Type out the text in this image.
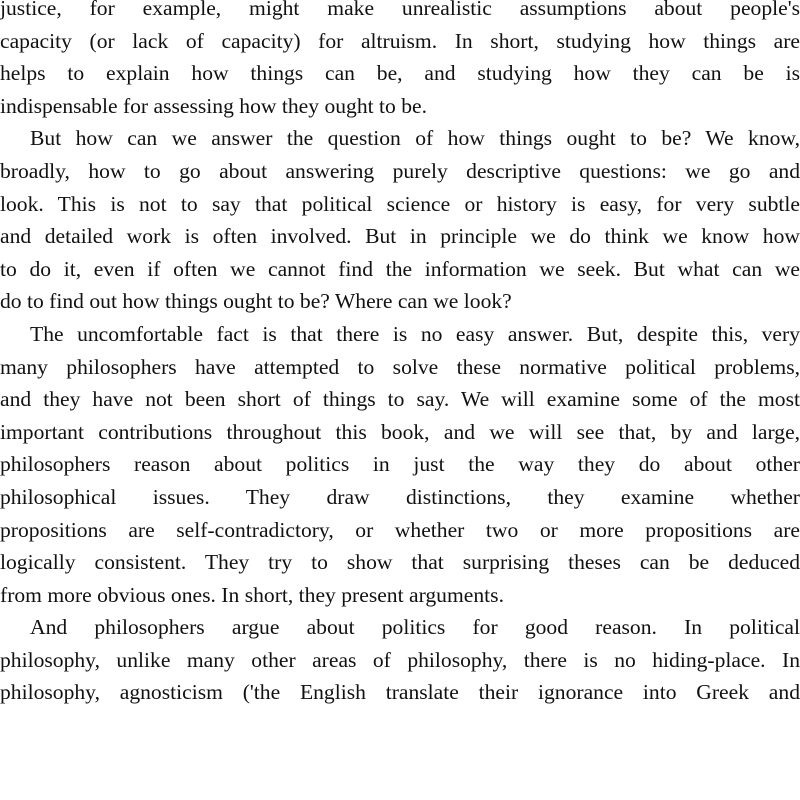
justice, for example, might make unrealistic assumptions about people's
capacity (or lack of capacity) for altruism. In short, studying how things are
helps to explain how things can be, and studying how they can be is
indispensable for assessing how they ought to be.
But how can we answer the question of how things ought to be? We know,
broadly, how to go about answering purely descriptive questions: we go and
look. This is not to say that political science or history is easy, for very subtle
and detailed work is often involved. But in principle we do think we know how
to do it, even if often we cannot find the information we seek. But what can we
do to find out how things ought to be? Where can we look?
The uncomfortable fact is that there is no easy answer. But, despite this, very
many philosophers have attempted to solve these normative political problems,
and they have not been short of things to say. We will examine some of the most
important contributions throughout this book, and we will see that, by and large,
philosophers reason about politics in just the way they do about other
philosophical issues. They draw distinctions, they examine whether
propositions are self-contradictory, or whether two or more propositions are
logically consistent. They try to show that surprising theses can be deduced
from more obvious ones. In short, they present arguments.
And philosophers argue about politics for good reason. In political
philosophy, unlike many other areas of philosophy, there is no hiding-place. In
philosophy, agnosticism ('the English translate their ignorance into Greek and
